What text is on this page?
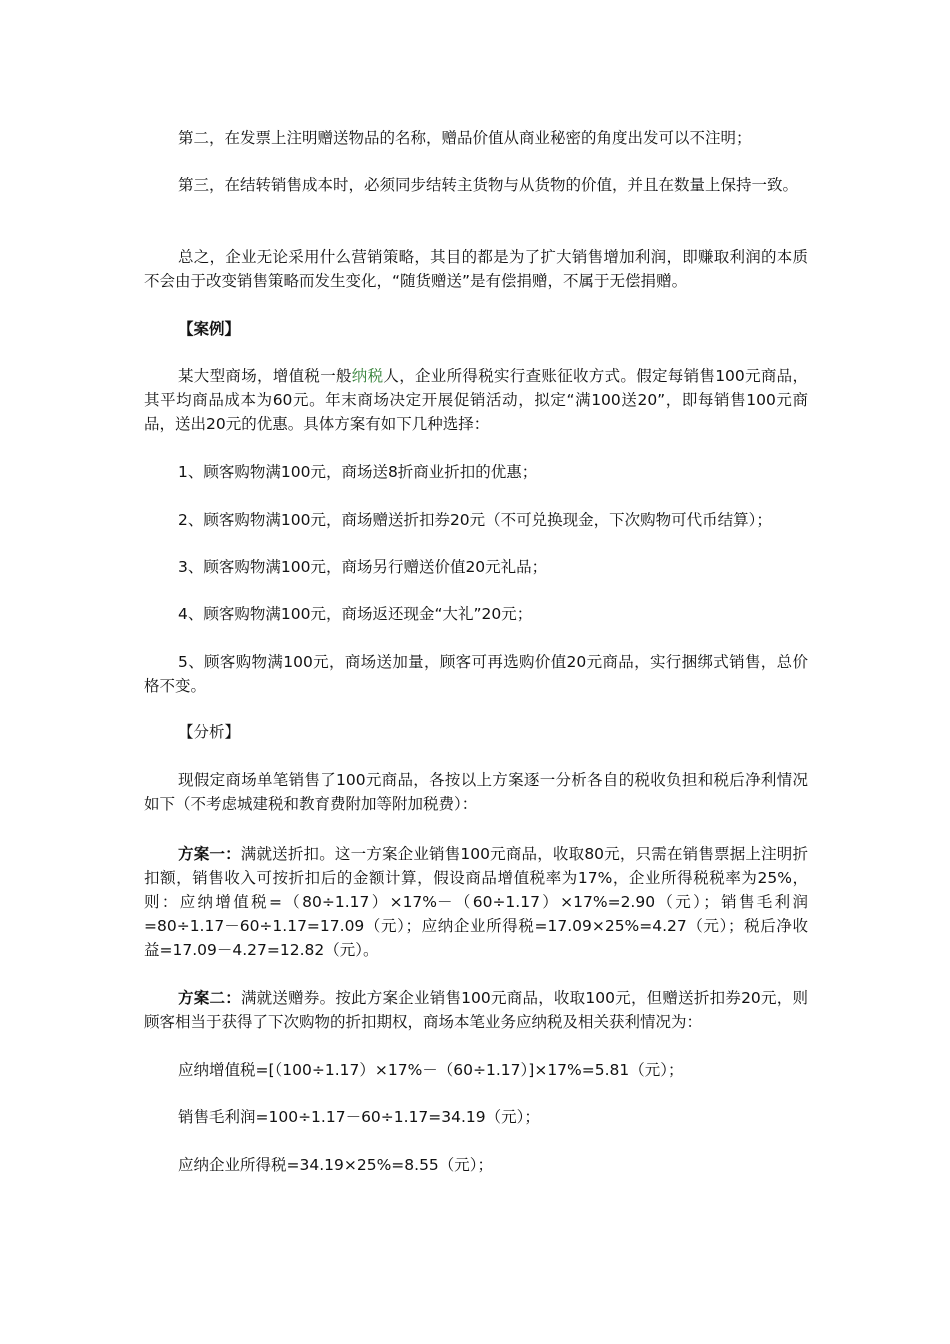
第二，在发票上注明赠送物品的名称，赠品价值从商业秘密的角度出发可以不注明；

第三，在结转销售成本时，必须同步结转主货物与从货物的价值，并且在数量上保持一致。

总之，企业无论采用什么营销策略，其目的都是为了扩大销售增加利润，即赚取利润的本质不会由于改变销售策略而发生变化，“随货赠送”是有偿捐赠，不属于无偿捐赠。

【案例】

某大型商场，增值税一般纳税人，企业所得税实行查账征收方式。假定每销售100元商品，其平均商品成本为60元。年末商场决定开展促销活动，拟定“满100送20”，即每销售100元商品，送出20元的优惠。具体方案有如下几种选择：

1、顾客购物满100元，商场送8折商业折扣的优惠；

2、顾客购物满100元，商场赠送折扣券20元（不可兑换现金，下次购物可代币结算）；

3、顾客购物满100元，商场另行赠送价值20元礼品；

4、顾客购物满100元，商场返还现金“大礼”20元；

5、顾客购物满100元，商场送加量，顾客可再选购价值20元商品，实行捆绑式销售，总价格不变。

【分析】

现假定商场单笔销售了100元商品，各按以上方案逐一分析各自的税收负担和税后净利情况如下（不考虑城建税和教育费附加等附加税费）：

方案一：满就送折扣。这一方案企业销售100元商品，收取80元，只需在销售票据上注明折扣额，销售收入可按折扣后的金额计算，假设商品增值税率为17%，企业所得税税率为25%，则：应纳增值税=（80÷1.17）×17%－（60÷1.17）×17%=2.90（元）；销售毛利润=80÷1.17－60÷1.17=17.09（元）；应纳企业所得税=17.09×25%=4.27（元）；税后净收益=17.09－4.27=12.82（元）。

方案二：满就送赠券。按此方案企业销售100元商品，收取100元，但赠送折扣券20元，则顾客相当于获得了下次购物的折扣期权，商场本笔业务应纳税及相关获利情况为：

应纳增值税=[（100÷1.17）×17%－（60÷1.17）]×17%=5.81（元）；

销售毛利润=100÷1.17－60÷1.17=34.19（元）；

应纳企业所得税=34.19×25%=8.55（元）；
